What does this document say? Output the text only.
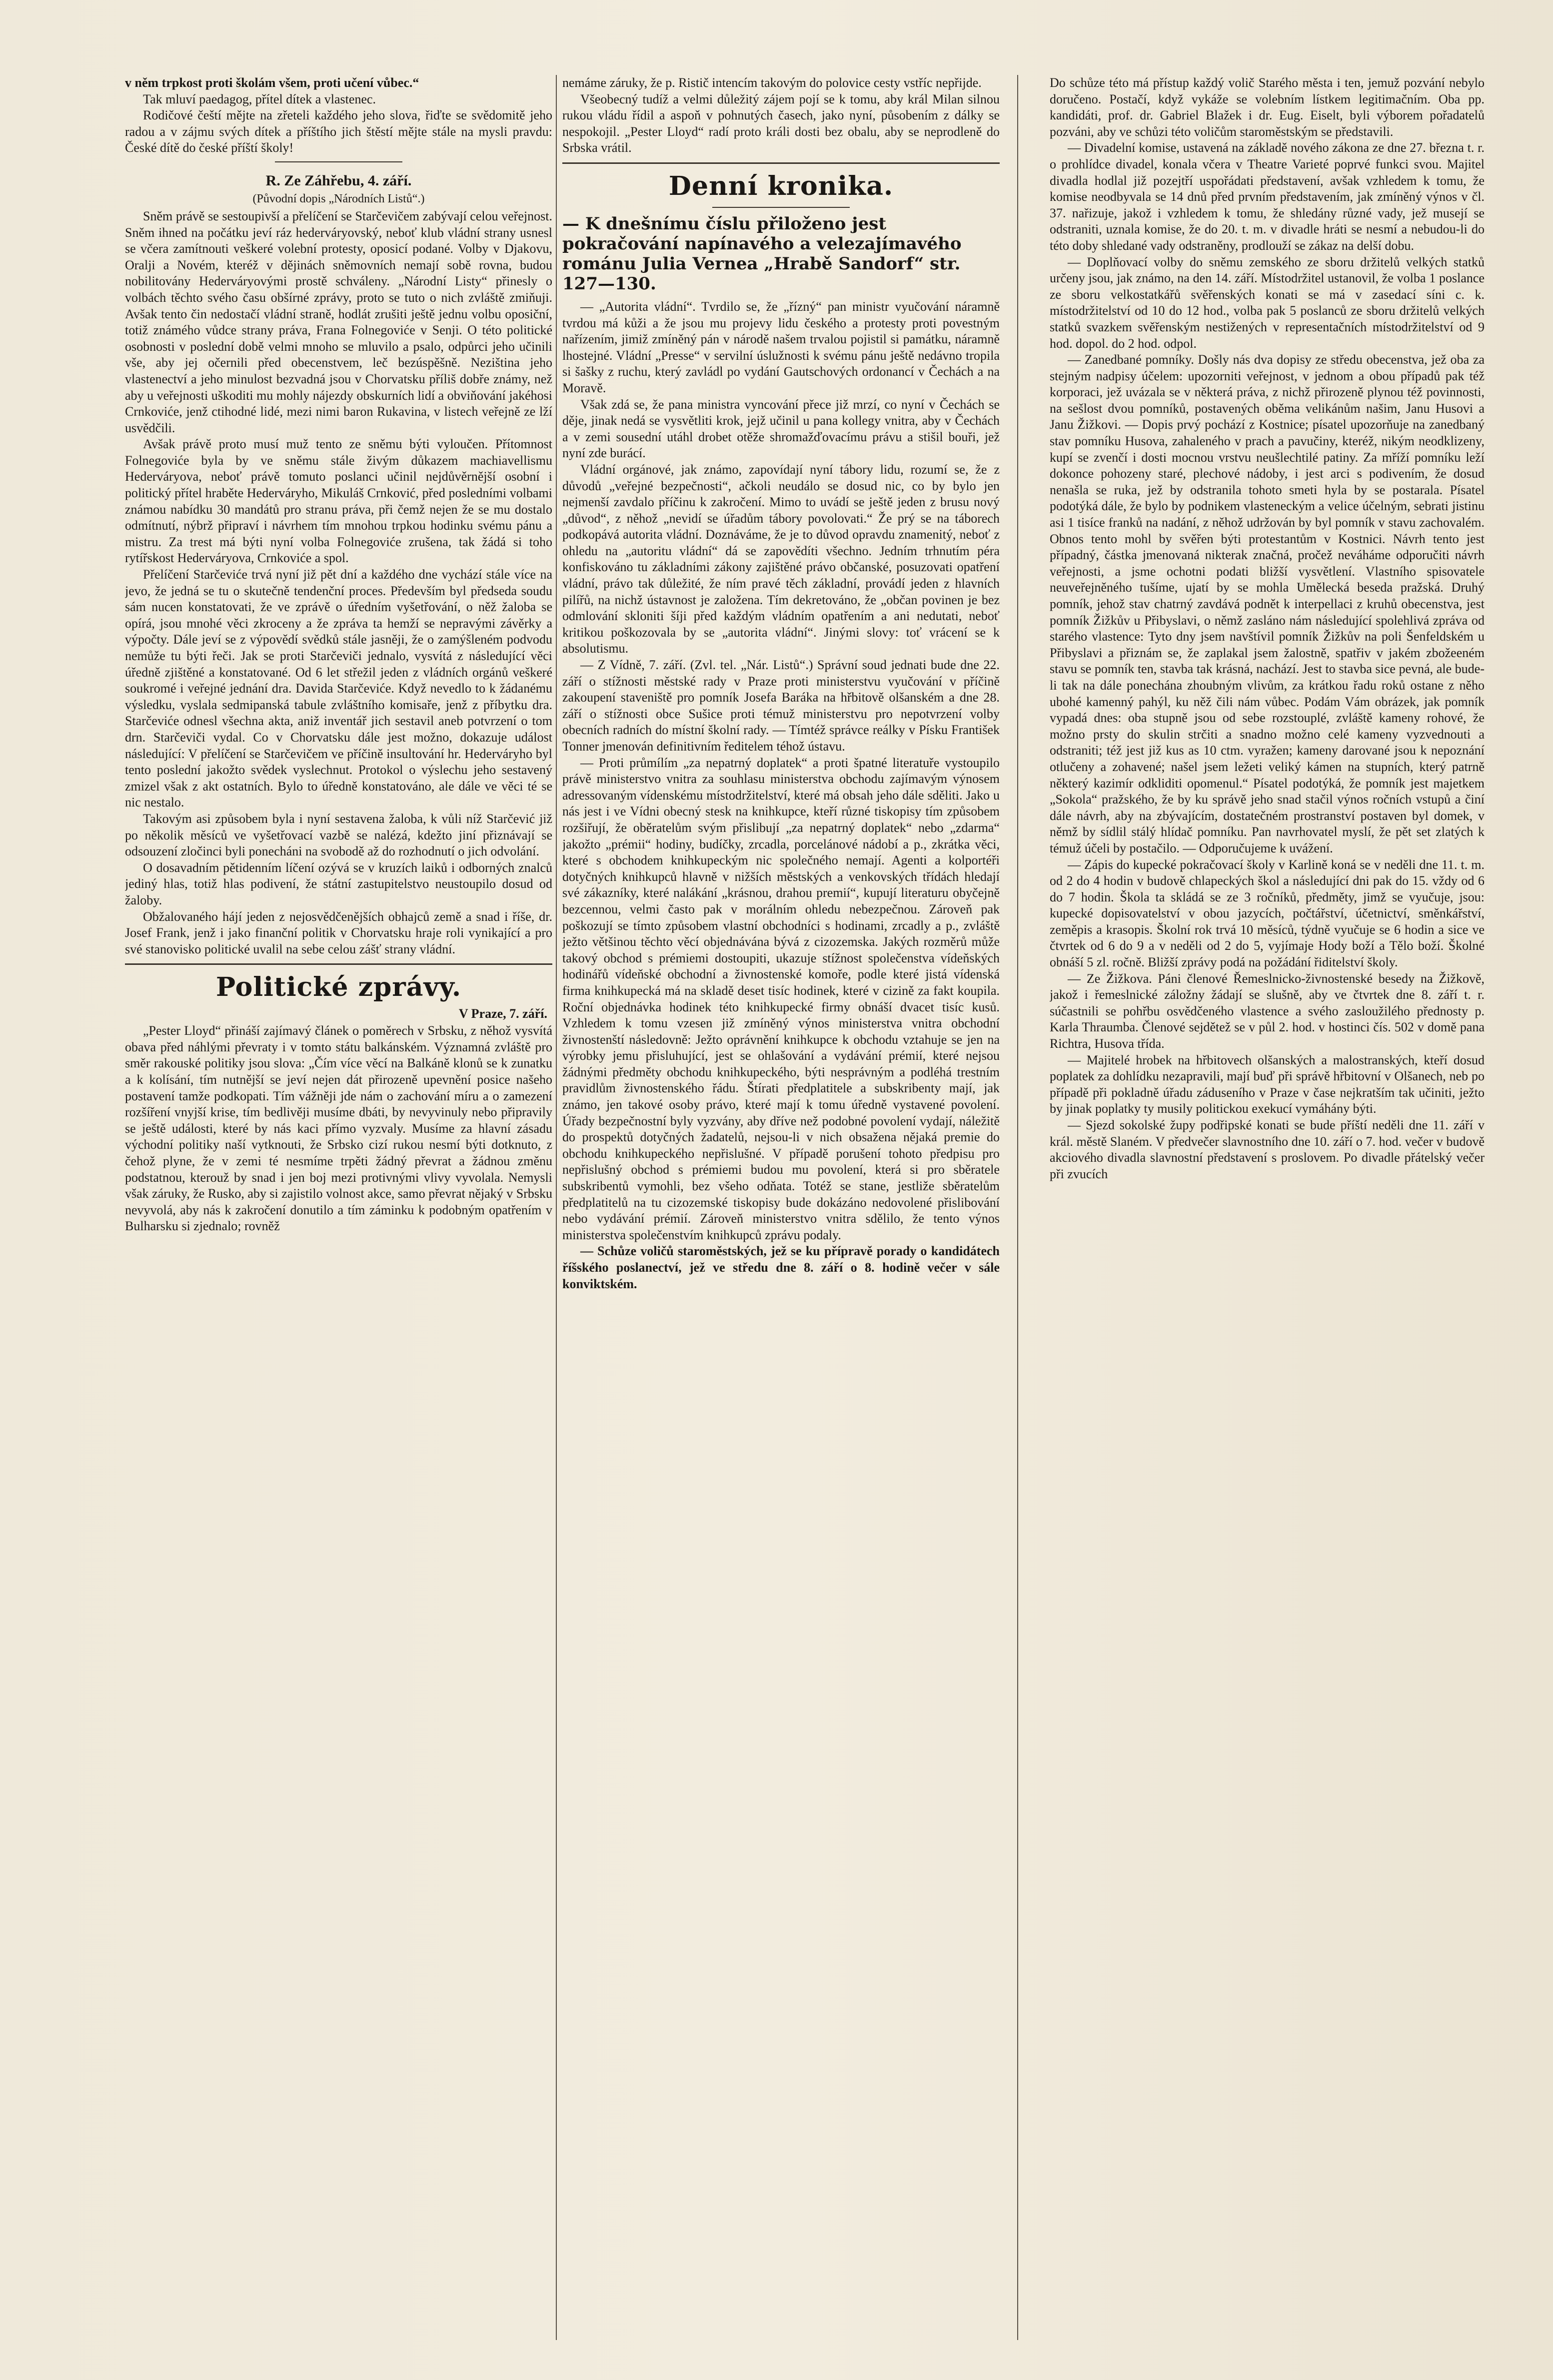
v něm trpkost proti školám všem, proti učení vůbec.“

Tak mluví paedagog, přítel dítek a vlastenec.

Rodičové čeští mějte na zřeteli každého jeho slova, řiďte se svědomitě jeho radou a v zájmu svých dítek a příštího jich štěstí mějte stále na mysli pravdu: České dítě do české příští školy!

R. Ze Záhřebu, 4. září.
(Původní dopis „Národních Listů“.)

Sněm právě se sestoupivší a přelíčení se Starčevičem zabývají celou veřejnost. Sněm ihned na počátku jeví ráz hederváryovský, neboť klub vládní strany usnesl se včera zamítnouti veškeré volební protesty, oposicí podané. Volby v Djakovu, Oralji a Novém, kteréž v dějinách sněmovních nemají sobě rovna, budou nobilitovány Hederváryovými prostě schváleny. „Národní Listy“ přinesly o volbách těchto svého času obšírné zprávy, proto se tuto o nich zvláště zmiňuji. Avšak tento čin nedostačí vládní straně, hodlát zrušiti ještě jednu volbu oposiční, totiž známého vůdce strany práva, Frana Folnegoviće v Senji. O této politické osobnosti v poslední době velmi mnoho se mluvilo a psalo, odpůrci jeho učinili vše, aby jej očernili před obecenstvem, leč bezúspěšně. Neziština jeho vlastenectví a jeho minulost bezvadná jsou v Chorvatsku příliš dobře známy, než aby u veřejnosti uškoditi mu mohly nájezdy obskurních lidí a obviňování jakéhosi Crnkoviće, jenž ctihodné lidé, mezi nimi baron Rukavina, v listech veřejně ze lží usvědčili.

Avšak právě proto musí muž tento ze sněmu býti vyloučen. Přítomnost Folnegoviće byla by ve sněmu stále živým důkazem machiavellismu Hederváryova, neboť právě tomuto poslanci učinil nejdůvěrnější osobní i politický přítel hraběte Hederváryho, Mikuláš Crnković, před posledními volbami známou nabídku 30 mandátů pro stranu práva, při čemž nejen že se mu dostalo odmítnutí, nýbrž připraví i návrhem tím mnohou trpkou hodinku svému pánu a mistru. Za trest má býti nyní volba Folnegoviće zrušena, tak žádá si toho rytířskost Hederváryova, Crnkoviće a spol.

Přelíčení Starčeviće trvá nyní již pět dní a každého dne vychází stále více na jevo, že jedná se tu o skutečně tendenční proces. Především byl předseda soudu sám nucen konstatovati, že ve zprávě o úředním vyšetřování, o něž žaloba se opírá, jsou mnohé věci zkroceny a že zpráva ta hemží se nepravými závěrky a výpočty. Dále jeví se z výpovědí svědků stále jasněji, že o zamýšleném podvodu nemůže tu býti řeči. Jak se proti Starčeviči jednalo, vysvítá z následující věci úředně zjištěné a konstatované. Od 6 let střežil jeden z vládních orgánů veškeré soukromé i veřejné jednání dra. Davida Starčeviće. Když nevedlo to k žádanému výsledku, vyslala sedmipanská tabule zvláštního komisaře, jenž z příbytku dra. Starčeviće odnesl všechna akta, aniž inventář jich sestavil aneb potvrzení o tom drn. Starčeviči vydal. Co v Chorvatsku dále jest možno, dokazuje událost následující: V přelíčení se Starčevičem ve příčině insultování hr. Hederváryho byl tento poslední jakožto svědek vyslechnut. Protokol o výslechu jeho sestavený zmizel však z akt ostatních. Bylo to úředně konstatováno, ale dále ve věci té se nic nestalo.

Takovým asi způsobem byla i nyní sestavena žaloba, k vůli níž Starčević již po několik měsíců ve vyšetřovací vazbě se nalézá, kdežto jiní přiznávají se odsouzení zločinci byli ponecháni na svobodě až do rozhodnutí o jich odvolání.

O dosavadním pětidenním líčení ozývá se v kruzích laiků i odborných znalců jediný hlas, totiž hlas podivení, že státní zastupitelstvo neustoupilo dosud od žaloby.

Obžalovaného hájí jeden z nejosvědčenějších obhajců země a snad i říše, dr. Josef Frank, jenž i jako finanční politik v Chorvatsku hraje roli vynikající a pro své stanovisko politické uvalil na sebe celou zášť strany vládní.

Politické zprávy.
V Praze, 7. září.

„Pester Lloyd“ přináší zajímavý článek o poměrech v Srbsku, z něhož vysvítá obava před náhlými převraty i v tomto státu balkánském. Významná zvláště pro směr rakouské politiky jsou slova: „Čím více věcí na Balkáně klonů se k zunatku a k kolísání, tím nutnější se jeví nejen dát přirozeně upevnění posice našeho postavení tamže podkopati. Tím vážněji jde nám o zachování míru a o zamezení rozšíření vnyjší krise, tím bedlivěji musíme dbáti, by nevyvinuly nebo připravily se ještě události, které by nás kaci přímo vyzvaly. Musíme za hlavní zásadu východní politiky naší vytknouti, že Srbsko cizí rukou nesmí býti dotknuto, z čehož plyne, že v zemi té nesmíme trpěti žádný převrat a žádnou změnu podstatnou, kterouž by snad i jen boj mezi protivnými vlivy vyvolala. Nemysli však záruky, že Rusko, aby si zajistilo volnost akce, samo převrat nějaký v Srbsku nevyvolá, aby nás k zakročení donutilo a tím záminku k podobným opatřením v Bulharsku si zjednalo; rovněž

nemáme záruky, že p. Ristič intencím takovým do polovice cesty vstříc nepřijde.

Všeobecný tudíž a velmi důležitý zájem pojí se k tomu, aby král Milan silnou rukou vládu řídil a aspoň v pohnutých časech, jako nyní, působením z dálky se nespokojil. „Pester Lloyd“ radí proto králi dosti bez obalu, aby se neprodleně do Srbska vrátil.

Denní kronika.
— K dnešnímu číslu přiloženo jest pokračování napínavého a velezajímavého románu Julia Vernea „Hrabě Sandorf“ str. 127—130.

— „Autorita vládní“. Tvrdilo se, že „řízný“ pan ministr vyučování náramně tvrdou má kůži a že jsou mu projevy lidu českého a protesty proti povestným nařízením, jimiž zmíněný pán v národě našem trvalou pojistil si památku, náramně lhostejné. Vládní „Presse“ v servilní úslužnosti k svému pánu ještě nedávno tropila si šašky z ruchu, který zavládl po vydání Gautschových ordonancí v Čechách a na Moravě.

Však zdá se, že pana ministra vyncování přece již mrzí, co nyní v Čechách se děje, jinak nedá se vysvětliti krok, jejž učinil u pana kollegy vnitra, aby v Čechách a v zemi sousední utáhl drobet otěže shromažďovacímu právu a stišil bouři, jež nyní zde burácí.

Vládní orgánové, jak známo, zapovídají nyní tábory lidu, rozumí se, že z důvodů „veřejné bezpečnosti“, ačkoli neudálo se dosud nic, co by bylo jen nejmenší zavdalo příčinu k zakročení. Mimo to uvádí se ještě jeden z brusu nový „důvod“, z něhož „nevidí se úřadům tábory povolovati.“ Že prý se na táborech podkopává autorita vládní. Doznáváme, že je to důvod opravdu znamenitý, neboť z ohledu na „autoritu vládní“ dá se zapovědíti všechno. Jedním trhnutím péra konfiskováno tu základními zákony zajištěné právo občanské, posuzovati opatření vládní, právo tak důležité, že ním pravé těch základní, provádí jeden z hlavních pilířů, na nichž ústavnost je založena. Tím dekretováno, že „občan povinen je bez odmlování skloniti šíji před každým vládním opatřením a ani nedutati, neboť kritikou poškozovala by se „autorita vládní“. Jinými slovy: toť vrácení se k absolutismu.

— Z Vídně, 7. září. (Zvl. tel. „Nár. Listů“.) Správní soud jednati bude dne 22. září o stížnosti městské rady v Praze proti ministerstvu vyučování v příčině zakoupení staveniště pro pomník Josefa Baráka na hřbitově olšanském a dne 28. září o stížnosti obce Sušice proti témuž ministerstvu pro nepotvrzení volby obecních radních do místní školní rady. — Tímtéž správce reálky v Písku František Tonner jmenován definitivním ředitelem téhož ústavu.

— Proti průmílím „za nepatrný doplatek“ a proti špatné literatuře vystoupilo právě ministerstvo vnitra za souhlasu ministerstva obchodu zajímavým výnosem adressovaným vídenskému místodržitelství, které má obsah jeho dále sděliti. Jako u nás jest i ve Vídni obecný stesk na knihkupce, kteří různé tiskopisy tím způsobem rozšiřují, že oběratelům svým přislibují „za nepatrný doplatek“ nebo „zdarma“ jakožto „prémii“ hodiny, budíčky, zrcadla, porcelánové nádobí a p., zkrátka věci, které s obchodem knihkupeckým nic společného nemají. Agenti a kolportéři dotyčných knihkupců hlavně v nižších městských a venkovských třídách hledají své zákazníky, které nalákání „krásnou, drahou premií“, kupují literaturu obyčejně bezcennou, velmi často pak v morálním ohledu nebezpečnou. Zároveň pak poškozují se tímto způsobem vlastní obchodníci s hodinami, zrcadly a p., zvláště ježto většinou těchto věcí objednávána bývá z cizozemska. Jakých rozměrů může takový obchod s prémiemi dostoupiti, ukazuje stížnost společenstva vídeňských hodinářů vídeňské obchodní a živnostenské komoře, podle které jistá vídenská firma knihkupecká má na skladě deset tisíc hodinek, které v cizině za fakt koupila. Roční objednávka hodinek této knihkupecké firmy obnáší dvacet tisíc kusů. Vzhledem k tomu vzesen již zmíněný výnos ministerstva vnitra obchodní živnostenští následovně: Ježto oprávnění knihkupce k obchodu vztahuje se jen na výrobky jemu přisluhující, jest se ohlašování a vydávání prémií, které nejsou žádnými předměty obchodu knihkupeckého, býti nesprávným a podléhá trestním pravidlům živnostenského řádu. Štírati předplatitele a subskribenty mají, jak známo, jen takové osoby právo, které mají k tomu úředně vystavené povolení. Úřady bezpečnostní byly vyzvány, aby dříve než podobné povolení vydají, náležitě do prospektů dotyčných žadatelů, nejsou-li v nich obsažena nějaká premie do obchodu knihkupeckého nepřislušné. V případě porušení tohoto předpisu pro nepřislušný obchod s prémiemi budou mu povolení, která si pro sběratele subskribentů vymohli, bez všeho odňata. Totéž se stane, jestliže sběratelům předplatitelů na tu cizozemské tiskopisy bude dokázáno nedovolené přislibování nebo vydávání prémií. Zároveň ministerstvo vnitra sdělilo, že tento výnos ministerstva společenstvím knihkupců zprávu podaly.

— Schůze voličů staroměstských, jež se ku přípravě porady o kandidátech říšského poslanectví, jež ve středu dne 8. září o 8. hodině večer v sále konviktském.

Do schůze této má přístup každý volič Starého města i ten, jemuž pozvání nebylo doručeno. Postačí, když vykáže se volebním lístkem legitimačním. Oba pp. kandidáti, prof. dr. Gabriel Blažek i dr. Eug. Eiselt, byli výborem pořadatelů pozváni, aby ve schůzi této voličům staroměstským se představili.

— Divadelní komise, ustavená na základě nového zákona ze dne 27. března t. r. o prohlídce divadel, konala včera v Theatre Varieté poprvé funkci svou. Majitel divadla hodlal již pozejtří uspořádati představení, avšak vzhledem k tomu, že komise neodbyvala se 14 dnů před prvním představením, jak zmíněný výnos v čl. 37. nařizuje, jakož i vzhledem k tomu, že shledány různé vady, jež musejí se odstraniti, uznala komise, že do 20. t. m. v divadle hráti se nesmí a nebudou-li do této doby shledané vady odstraněny, prodlouží se zákaz na delší dobu.

— Doplňovací volby do sněmu zemského ze sboru držitelů velkých statků určeny jsou, jak známo, na den 14. září. Místodržitel ustanovil, že volba 1 poslance ze sboru velkostatkářů svěřenských konati se má v zasedací síni c. k. místodržitelství od 10 do 12 hod., volba pak 5 poslanců ze sboru držitelů velkých statků svazkem svěřenským nestižených v representačních místodržitelství od 9 hod. dopol. do 2 hod. odpol.

— Zanedbané pomníky. Došly nás dva dopisy ze středu obecenstva, jež oba za stejným nadpisy účelem: upozorniti veřejnost, v jednom a obou případů pak též korporaci, jež uvázala se v některá práva, z nichž přirozeně plynou též povinnosti, na sešlost dvou pomníků, postavených oběma velikánům našim, Janu Husovi a Janu Žižkovi. — Dopis prvý pochází z Kostnice; písatel upozorňuje na zanedbaný stav pomníku Husova, zahaleného v prach a pavučiny, kteréž, nikým neodklizeny, kupí se zvenčí i dosti mocnou vrstvu neušlechtilé patiny. Za mříží pomníku leží dokonce pohozeny staré, plechové nádoby, i jest arci s podivením, že dosud nenašla se ruka, jež by odstranila tohoto smeti hyla by se postarala. Písatel podotýká dále, že bylo by podnikem vlasteneckým a velice účelným, sebrati jistinu asi 1 tisíce franků na nadání, z něhož udržován by byl pomník v stavu zachovalém. Obnos tento mohl by svěřen býti protestantům v Kostnici. Návrh tento jest případný, částka jmenovaná nikterak značná, pročež neváháme odporučiti návrh veřejnosti, a jsme ochotni podati bližší vysvětlení. Vlastního spisovatele neuveřejněného tušíme, ujatí by se mohla Umělecká beseda pražská. Druhý pomník, jehož stav chatrný zavdává podnět k interpellaci z kruhů obecenstva, jest pomník Žižkův u Přibyslavi, o němž zasláno nám následující spolehlivá zpráva od starého vlastence: Tyto dny jsem navštívil pomník Žižkův na poli Šenfeldském u Přibyslavi a přiznám se, že zaplakal jsem žalostně, spatřiv v jakém zbožeeném stavu se pomník ten, stavba tak krásná, nachází. Jest to stavba sice pevná, ale bude-li tak na dále ponechána zhoubným vlivům, za krátkou řadu roků ostane z něho ubohé kamenný pahýl, ku něž čili nám vůbec. Podám Vám obrázek, jak pomník vypadá dnes: oba stupně jsou od sebe rozstouplé, zvláště kameny rohové, že možno prsty do skulin strčiti a snadno možno celé kameny vyzvednouti a odstraniti; též jest již kus as 10 ctm. vyražen; kameny darované jsou k nepoznání otlučeny a zohavené; našel jsem ležeti veliký kámen na stupních, který patrně některý kazimír odkliditi opomenul.“ Písatel podotýká, že pomník jest majetkem „Sokola“ pražského, že by ku správě jeho snad stačil výnos ročních vstupů a činí dále návrh, aby na zbývajícím, dostatečném prostranství postaven byl domek, v němž by sídlil stálý hlídač pomníku. Pan navrhovatel myslí, že pět set zlatých k témuž účeli by postačilo. — Odporučujeme k uvážení.

— Zápis do kupecké pokračovací školy v Karlině koná se v neděli dne 11. t. m. od 2 do 4 hodin v budově chlapeckých škol a následující dni pak do 15. vždy od 6 do 7 hodin. Škola ta skládá se ze 3 ročníků, předměty, jimž se vyučuje, jsou: kupecké dopisovatelství v obou jazycích, počtářství, účetnictví, směnkářství, zeměpis a krasopis. Školní rok trvá 10 měsíců, týdně vyučuje se 6 hodin a sice ve čtvrtek od 6 do 9 a v neděli od 2 do 5, vyjímaje Hody boží a Tělo boží. Školné obnáší 5 zl. ročně. Bližší zprávy podá na požádání řiditelství školy.

— Ze Žižkova. Páni členové Řemeslnicko-živnostenské besedy na Žižkově, jakož i řemeslnické záložny žádají se slušně, aby ve čtvrtek dne 8. září t. r. súčastnili se pohřbu osvědčeného vlastence a svého zasloužilého přednosty p. Karla Thraumba. Členové sejdětež se v půl 2. hod. v hostinci čís. 502 v domě pana Richtra, Husova třída.

— Majitelé hrobek na hřbitovech olšanských a malostranských, kteří dosud poplatek za dohlídku nezapravili, mají buď při správě hřbitovní v Olšanech, neb po případě při pokladně úřadu záduseního v Praze v čase nejkratším tak učiniti, ježto by jinak poplatky ty musily politickou exekucí vymáhány býti.

— Sjezd sokolské župy podřipské konati se bude příští neděli dne 11. září v král. městě Slaném. V předvečer slavnostního dne 10. září o 7. hod. večer v budově akciového divadla slavnostní představení s proslovem. Po divadle přátelský večer při zvucích
